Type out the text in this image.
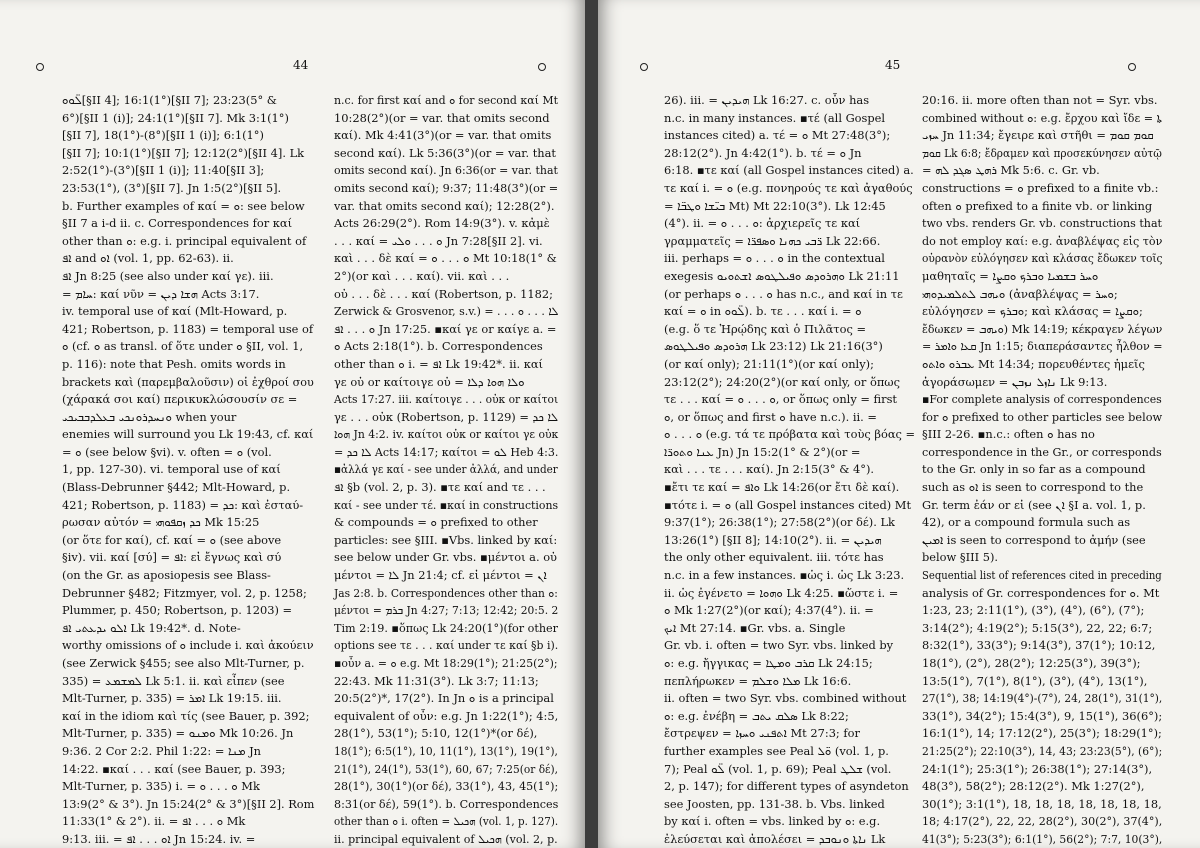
44

ܠ̈ܘܘ[§II 4]; 16:1(1°)[§II 7]; 23:23(5° &

6°)[§II 1 (i)]; 24:1(1°)[§II 7]. Mk 3:1(1°)

[§II 7], 18(1°)-(8°)[§II 1 (i)]; 6:1(1°)

[§II 7]; 10:1(1°)[§II 7]; 12:12(2°)[§II 4]. Lk

2:52(1°)-(3°)[§II 1 (i)]; 11:40[§II 3];

23:53(1°), (3°)[§II 7]. Jn 1:5(2°)[§II 5].

b. Further examples of καί = ܘ: see below

§II 7 a i-d ii. c. Correspondences for καί

other than ܘ: e.g. i. principal equivalent of

ܐܦ and ܐܘ (vol. 1, pp. 62-63). ii.

ܐܦ Jn 8:25 (see also under καί γε). iii.

= ܚܐܡ: καί νῦν = ܗܫܐ ܕܝܢ Acts 3:17.

iv. temporal use of καί (Mlt-Howard, p.

421; Robertson, p. 1183) = temporal use of

ܘ (cf. ܘ as transl. of ὅτε under ܘ §II, vol. 1,

p. 116): note that Pesh. omits words in

brackets καὶ (παρεμβαλοῦσιν) οἱ ἐχθροί σου

(χάρακά σοι καί) περικυκλώσουσίν σε =

ܘܢܚܕܪܘܢܟܝ ܒܥܠܕܒܒܝܟܝ when your

enemies will surround you Lk 19:43, cf. καί

= ܘ (see below §vi). v. often = ܘ (vol.

1, pp. 127-30). vi. temporal use of καί

(Blass-Debrunner §442; Mlt-Howard, p.

421; Robertson, p. 1183) = ܟܕ: καὶ ἐσταύ-

ρωσαν αὐτόν = ܟܕ ܙܩܦܘܗܝ Mk 15:25

(or ὅτε for καί), cf. καί = ܘ (see above

§iv). vii. καί [σύ] = ܐܦ: εἰ ἔγνως καὶ σύ

(on the Gr. as aposiopesis see Blass-

Debrunner §482; Fitzmyer, vol. 2, p. 1258;

Plummer, p. 450; Robertson, p. 1203) =

ܐܠܘ ܝܕܥܬܝ ܐܦ Lk 19:42*. d. Note-

worthy omissions of ܘ include i. καὶ ἀκούειν

(see Zerwick §455; see also Mlt-Turner, p.

335) = ܠܡܫܡܥ Lk 5:1. ii. καὶ εἶπεν (see

Mlt-Turner, p. 335) = ܐܡܪ Lk 19:15. iii.

καί in the idiom καὶ τίς (see Bauer, p. 392;

Mlt-Turner, p. 335) = ܘܡܢܘ Mk 10:26. Jn

9:36. 2 Cor 2:2. Phil 1:22: = ܡܢܐ Jn

14:22. ▪καί . . . καί (see Bauer, p. 393;

Mlt-Turner, p. 335) i. = ܘ . . . ܘ Mk

13:9(2° & 3°). Jn 15:24(2° & 3°)[§II 2]. Rom

11:33(1° & 2°). ii. = ܘ . . . ܐܦ Mk

9:13. iii. = ܐܘ . . . ܐܦ Jn 15:24. iv. =

n.c. for first καί and ܘ for second καί Mt

10:28(2°)(or = var. that omits second

καί). Mk 4:41(3°)(or = var. that omits

second καί). Lk 5:36(3°)(or = var. that

omits second καί). Jn 6:36(or = var. that

omits second καί); 9:37; 11:48(3°)(or =

var. that omits second καί); 12:28(2°).

Acts 26:29(2°). Rom 14:9(3°). v. κἀμὲ

. . . καί = ܘ . . . ܘܠܝ Jn 7:28[§II 2]. vi.

καὶ . . . δὲ καί = ܘ . . . ܘ Mt 10:18(1° &

2°)(or καὶ . . . καί). vii. καὶ . . .

οὐ . . . δὲ . . . καί (Robertson, p. 1182;

Zerwick & Grosvenor, s.v.) = . . . ܠܐ . . . ܘ

ܘ . . . ܐܦ Jn 17:25. ▪καί γε or καίγε a. =

ܘ Acts 2:18(1°). b. Correspondences

other than ܘ i. = ܐܦ Lk 19:42*. ii. καί

γε οὐ or καίτοιγε οὐ = ܘܠܐ ܗܘܐ ܕܠܐ

Acts 17:27. iii. καίτοιγε . . . οὐκ or καίτοι

γε . . . οὐκ (Robertson, p. 1129) = ܠܐ ܟܕ

ܗܘܐ Jn 4:2. iv. καίτοι οὐκ or καίτοι γε οὐκ

= ܠܐ ܟܕ Acts 14:17; καίτοι = ܠܘ Heb 4:3.

▪ἀλλά γε καί - see under ἀλλά, and under

ܐܦ §b (vol. 2, p. 3). ▪τε καί and τε . . .

καί - see under τέ. ▪καί in constructions

& compounds = ܘ prefixed to other

particles: see §III. ▪Vbs. linked by καί:

see below under Gr. vbs. ▪μέντοι a. οὐ

μέντοι = ܠܐ Jn 21:4; cf. εἰ μέντοι = ܐܢ

Jas 2:8. b. Correspondences other than ܘ:

μέντοι = ܒܪܡ Jn 4:27; 7:13; 12:42; 20:5. 2

Tim 2:19. ▪ὅπως Lk 24:20(1°)(for other

options see τε . . . καί under τε καί §b i).

▪οὖν a. = ܘ e.g. Mt 18:29(1°); 21:25(2°);

22:43. Mk 11:31(3°). Lk 3:7; 11:13;

20:5(2°)*, 17(2°). In Jn ܘ is a principal

equivalent of οὖν: e.g. Jn 1:22(1°); 4:5,

28(1°), 53(1°); 5:10, 12(1°)*(or δέ),

18(1°); 6:5(1°), 10, 11(1°), 13(1°), 19(1°),

21(1°), 24(1°), 53(1°), 60, 67; 7:25(or δέ),

28(1°), 30(1°)(or δέ), 33(1°), 43, 45(1°);

8:31(or δέ), 59(1°). b. Correspondences

other than ܘ i. often = ܗܟܝܠ (vol. 1, p. 127).

ii. principal equivalent of ܗܟܝܠ (vol. 2, p.

45

26). iii. = ܗܝܕܝܢ Lk 16:27. c. οὖν has

n.c. in many instances. ▪τέ (all Gospel

instances cited) a. τέ = ܘ Mt 27:48(3°);

28:12(2°). Jn 4:42(1°). b. τέ = ܘ Jn

6:18. ▪τε καί (all Gospel instances cited) a.

τε καί i. = ܘ (e.g. πονηρούς τε καὶ ἀγαθούς

= ܒܝ̈ܫܐ ܘܛܒ̈ܐ Mt) Mt 22:10(3°). Lk 12:45

(4°). ii. = ܘ . . . ܘ: ἀρχιερεῖς τε καί

γραμματεῖς = ܪ̈ܒܝ ܟܗܢܐ ܘܣܦܪ̈ܐ Lk 22:66.

iii. perhaps = ܘ . . . ܘ in the contextual

exegesis ܘܗܪܘܕܣ ܘܦܝܠܛܘܣ ܐܫܬܘܝܘ Lk 21:11

(or perhaps ܘ . . . ܘ has n.c., and καί in τε

καί = ܘ in ܠ̈ܘܘ). b. τε . . . καί i. = ܘ

(e.g. ὅ τε Ἡρῴδης καὶ ὁ Πιλᾶτος =

ܗܪܘܕܣ ܘܦܝܠܛܘܣ Lk 23:12) Lk 21:16(3°)

(or καί only); 21:11(1°)(or καί only);

23:12(2°); 24:20(2°)(or καί only, or ὅπως

τε . . . καί = ܘ . . . ܘ, or ὅπως only = first

ܘ, or ὅπως and first ܘ have n.c.). ii. =

ܘ . . . ܘ (e.g. τά τε πρόβατα καὶ τοὺς βόας =

ܥܢܐ ܘܬܘܪ̈ܐ Jn) Jn 15:2(1° & 2°)(or =

καὶ . . . τε . . . καί). Jn 2:15(3° & 4°).

▪ἔτι τε καί = ܘܐܦ Lk 14:26(or ἔτι δὲ καί).

▪τότε i. = ܘ (all Gospel instances cited) Mt

9:37(1°); 26:38(1°); 27:58(2°)(or δέ). Lk

13:26(1°) [§II 8]; 14:10(2°). ii. = ܗܝܕܝܢ

the only other equivalent. iii. τότε has

n.c. in a few instances. ▪ὡς i. ὡς Lk 3:23.

ii. ὡς ἐγένετο = ܘܗܘܐ Lk 4:25. ▪ὥστε i. =

ܘ Mk 1:27(2°)(or καί); 4:37(4°). ii. =

ܐܝܟ Mt 27:14. ▪Gr. vbs. a. Single

Gr. vb. i. often = two Syr. vbs. linked by

ܘ: e.g. ἤγγικας = ܩܪܒ ܘܡܛܐ Lk 24:15;

πεπλήρωκεν = ܡܠܐ ܘܫܠܡ Lk 16:6.

ii. often = two Syr. vbs. combined without

ܘ: e.g. ἐνέβη = ܣܠܩ ܝܬܒ Lk 8:22;

ἔστρεψεν = ܐܬܦܢܝ ܘܚܙܐ Mt 27:3; for

further examples see Peal ܘ̈ܠ (vol. 1, p.

7); Peal ܠ̈ܘ (vol. 1, p. 69); Peal ܫܠܛ (vol.

2, p. 147); for different types of asyndeton

see Joosten, pp. 131-38. b. Vbs. linked

by καί i. often = vbs. linked by ܘ: e.g.

ἐλεύσεται καὶ ἀπολέσει = ܢܐܬܐ ܘܢܘܒܕ Lk

20:16. ii. more often than not = Syr. vbs.

combined without ܘ: e.g. ἔρχου καὶ ἴδε = ܬܐ

ܚܙܝ Jn 11:34; ἔγειρε καὶ στῆθι = ܩܘܡ ܩܘܡ

ܩܘܡ Lk 6:8; ἔδραμεν καὶ προσεκύνησεν αὐτῷ

= ܪܗܛ ܣܓܕ ܠܗ Mk 5:6. c. Gr. vb.

constructions = ܘ prefixed to a finite vb.:

often ܘ prefixed to a finite vb. or linking

two vbs. renders Gr. vb. constructions that

do not employ καί: e.g. ἀναβλέψας εἰς τὸν

οὐρανὸν εὐλόγησεν καὶ κλάσας ἔδωκεν τοῖς

μαθηταῖς = ܘܚܪ ܒܫܡܝܐ ܘܒܪܟ ܘܩܨܐ

ܘܝܗܒ ܠܬܠܡܝܕܘܗܝ (ἀναβλέψας = ܘܚܪ;

εὐλόγησεν = ܘܒܪܟ; καὶ κλάσας = ܘܩܨܐ;

ἔδωκεν = ܘܝܗܒ) Mk 14:19; κέκραγεν λέγων

= ܩܥܐ ܘܐܡܪ Jn 1:15; διαπεράσαντες ἦλθον =

ܥܒܪܘ ܘܐܬܘ Mt 14:34; πορευθέντες ἡμεῖς

ἀγοράσωμεν = ܢܐܙܠ ܢܙܒܢ Lk 9:13.

▪For complete analysis of correspondences

for ܘ prefixed to other particles see below

§III 2-26. ▪n.c.: often ܘ has no

correspondence in the Gr., or corresponds

to the Gr. only in so far as a compound

such as ܐܘ is seen to correspond to the

Gr. term ἐάν or εἰ (see ܐܢ §I a. vol. 1, p.

42), or a compound formula such as

ܐܡܝܢ is seen to correspond to ἀμήν (see

below §III 5).

Sequential list of references cited in preceding

analysis of Gr. correspondences for ܘ. Mt

1:23, 23; 2:11(1°), (3°), (4°), (6°), (7°);

3:14(2°); 4:19(2°); 5:15(3°), 22, 22; 6:7;

8:32(1°), 33(3°); 9:14(3°), 37(1°); 10:12,

18(1°), (2°), 28(2°); 12:25(3°), 39(3°);

13:5(1°), 7(1°), 8(1°), (3°), (4°), 13(1°),

27(1°), 38; 14:19(4°)-(7°), 24, 28(1°), 31(1°),

33(1°), 34(2°); 15:4(3°), 9, 15(1°), 36(6°);

16:1(1°), 14; 17:12(2°), 25(3°); 18:29(1°);

21:25(2°); 22:10(3°), 14, 43; 23:23(5°), (6°);

24:1(1°); 25:3(1°); 26:38(1°); 27:14(3°),

48(3°), 58(2°); 28:12(2°). Mk 1:27(2°),

30(1°); 3:1(1°), 18, 18, 18, 18, 18, 18, 18,

18; 4:17(2°), 22, 22, 28(2°), 30(2°), 37(4°),

41(3°); 5:23(3°); 6:1(1°), 56(2°); 7:7, 10(3°),
